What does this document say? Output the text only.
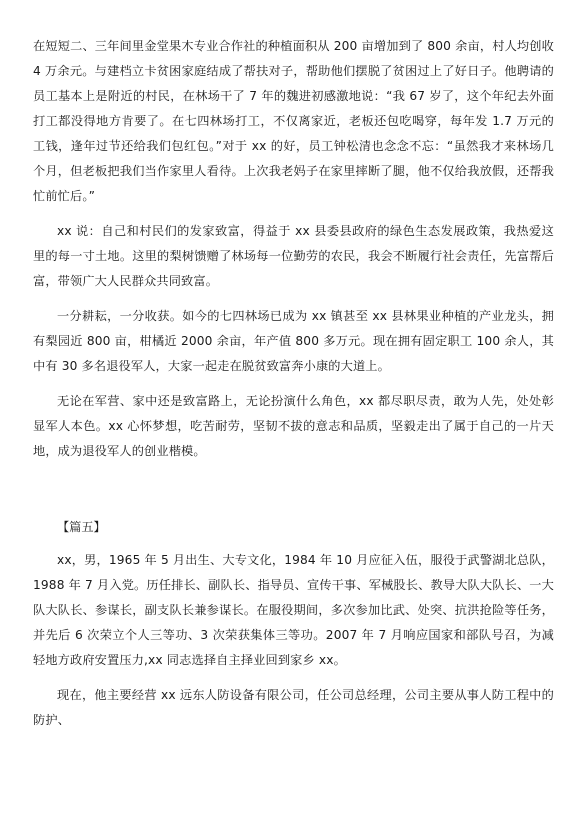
在短短二、三年间里金堂果木专业合作社的种植面积从 200 亩增加到了 800 余亩，村人均创收 4 万余元。与建档立卡贫困家庭结成了帮扶对子，帮助他们摆脱了贫困过上了好日子。他聘请的员工基本上是附近的村民，在林场干了 7 年的魏进初感激地说：“我 67 岁了，这个年纪去外面打工都没得地方肯要了。在七四林场打工，不仅离家近，老板还包吃喝穿，每年发 1.7 万元的工钱，逢年过节还给我们包红包。”对于 xx 的好，员工钟松清也念念不忘：“虽然我才来林场几个月，但老板把我们当作家里人看待。上次我老妈子在家里摔断了腿，他不仅给我放假，还帮我忙前忙后。”

xx 说：自己和村民们的发家致富，得益于 xx 县委县政府的绿色生态发展政策，我热爱这里的每一寸土地。这里的梨树馈赠了林场每一位勤劳的农民，我会不断履行社会责任，先富帮后富，带领广大人民群众共同致富。

一分耕耘，一分收获。如今的七四林场已成为 xx 镇甚至 xx 县林果业种植的产业龙头，拥有梨园近 800 亩，柑橘近 2000 余亩，年产值 800 多万元。现在拥有固定职工 100 余人，其中有 30 多名退役军人，大家一起走在脱贫致富奔小康的大道上。

无论在军营、家中还是致富路上，无论扮演什么角色，xx 都尽职尽责，敢为人先，处处彰显军人本色。xx 心怀梦想，吃苦耐劳，坚韧不拔的意志和品质，坚毅走出了属于自己的一片天地，成为退役军人的创业楷模。

【篇五】

xx，男，1965 年 5 月出生、大专文化，1984 年 10 月应征入伍，服役于武警湖北总队，1988 年 7 月入党。历任排长、副队长、指导员、宣传干事、军械股长、教导大队大队长、一大队大队长、参谋长，副支队长兼参谋长。在服役期间，多次参加比武、处突、抗洪抢险等任务，并先后 6 次荣立个人三等功、3 次荣获集体三等功。2007 年 7 月响应国家和部队号召，为减轻地方政府安置压力,xx 同志选择自主择业回到家乡 xx。

现在，他主要经营 xx 远东人防设备有限公司，任公司总经理，公司主要从事人防工程中的防护、
